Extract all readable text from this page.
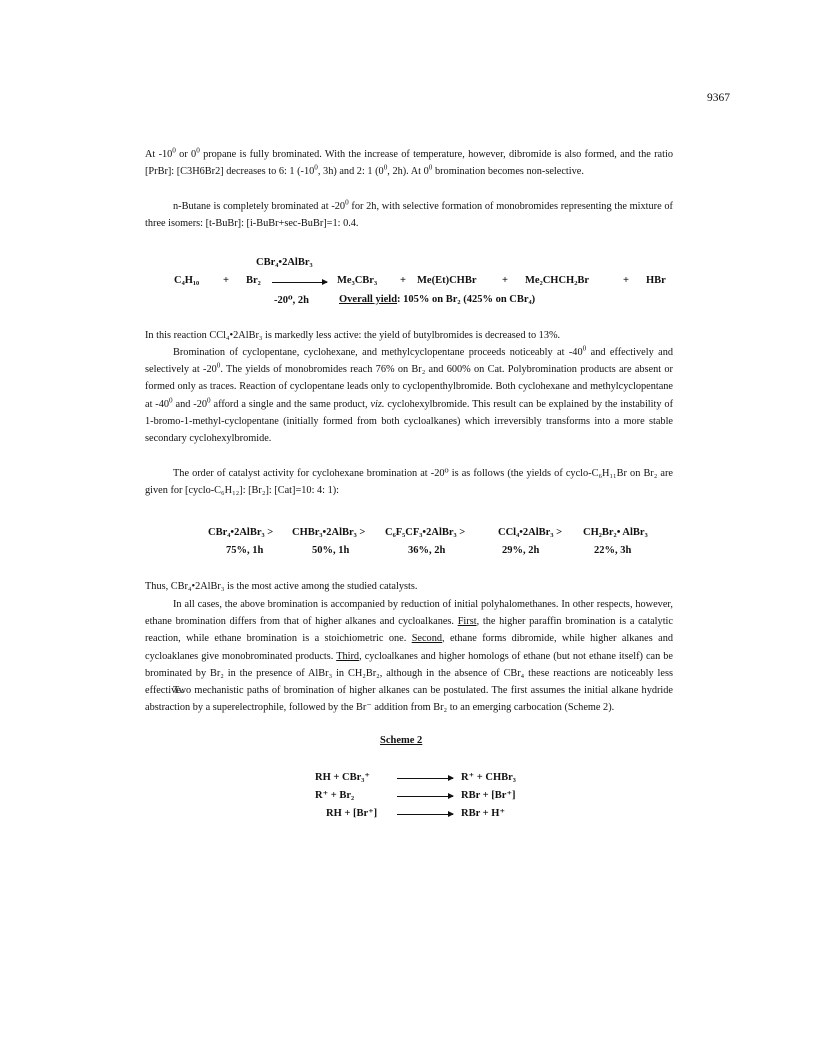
9367

At $-10^0$ or $0^0$ propane is fully brominated. With the increase of temperature, however, dibromide is also formed, and the ratio [PrBr]: [C3H6Br2] decreases to 6: 1 ($-10^0$, 3h) and 2: 1 ($0^0$, 2h). At $0^0$ bromination becomes non-selective.

n-Butane is completely brominated at $-20^0$ for 2h, with selective formation of monobromides representing the mixture of three isomers: [t-BuBr]: [i-BuBr+sec-BuBr]=1: 0.4.

CBr₄•2AlBr₃
C₄H₁₀ + Br₂ → Me₃CBr₃ + Me(Et)CHBr + Me₂CHCH₂Br	+ HBr
-20⁰, 2h	Overall yield: 105% on Br₂ (425% on CBr₄)

In this reaction CCl₄•2AlBr₃ is markedly less active: the yield of butylbromides is decreased to 13%.

Bromination of cyclopentane, cyclohexane, and methylcyclopentane proceeds noticeably at $-40^0$ and effectively and selectively at $-20^0$. The yields of monobromides reach 76% on Br₂ and 600% on Cat. Polybromination products are absent or formed only as traces. Reaction of cyclopentane leads only to cyclopenthylbromide. Both cyclohexane and methylcyclopentane at $-40^0$ and $-20^0$ afford a single and the same product, viz. cyclohexylbromide. This result can be explained by the instability of 1-bromo-1-methyl-cyclopentane (initially formed from both cycloalkanes) which irreversibly transforms into a more stable secondary cyclohexylbromide.

The order of catalyst activity for cyclohexane bromination at -20⁰ is as follows (the yields of cyclo-C₆H₁₁Br on Br₂ are given for [cyclo-C₆H₁₂]: [Br₂]: [Cat]=10: 4: 1):

CBr₄•2AlBr₃ > CHBr₃•2AlBr₃ > C₆F₅CF₃•2AlBr₃ >	CCl₄•2AlBr₃ > CH₂Br₂• AlBr₃
75%, 1h	50%, 1h	36%, 2h	29%, 2h	22%, 3h

Thus, CBr₄•2AlBr₃ is the most active among the studied catalysts.

In all cases, the above bromination is accompanied by reduction of initial polyhalomethanes. In other respects, however, ethane bromination differs from that of higher alkanes and cycloalkanes. First, the higher paraffin bromination is a catalytic reaction, while ethane bromination is a stoichiometric one. Second, ethane forms dibromide, while higher alkanes and cycloaklanes give monobrominated products. Third, cycloalkanes and higher homologs of ethane (but not ethane itself) can be brominated by Br₂ in the presence of AlBr₃ in CH₂Br₂, although in the absence of CBr₄ these reactions are noticeably less effective.

Two mechanistic paths of bromination of higher alkanes can be postulated. The first assumes the initial alkane hydride abstraction by a superelectrophile, followed by the Br⁻ addition from Br₂ to an emerging carbocation (Scheme 2).

Scheme 2
RH + CBr₃⁺ → R⁺ + CHBr₃
R⁺ + Br₂	→ RBr + [Br⁺]
RH + [Br⁺] → RBr + H⁺
